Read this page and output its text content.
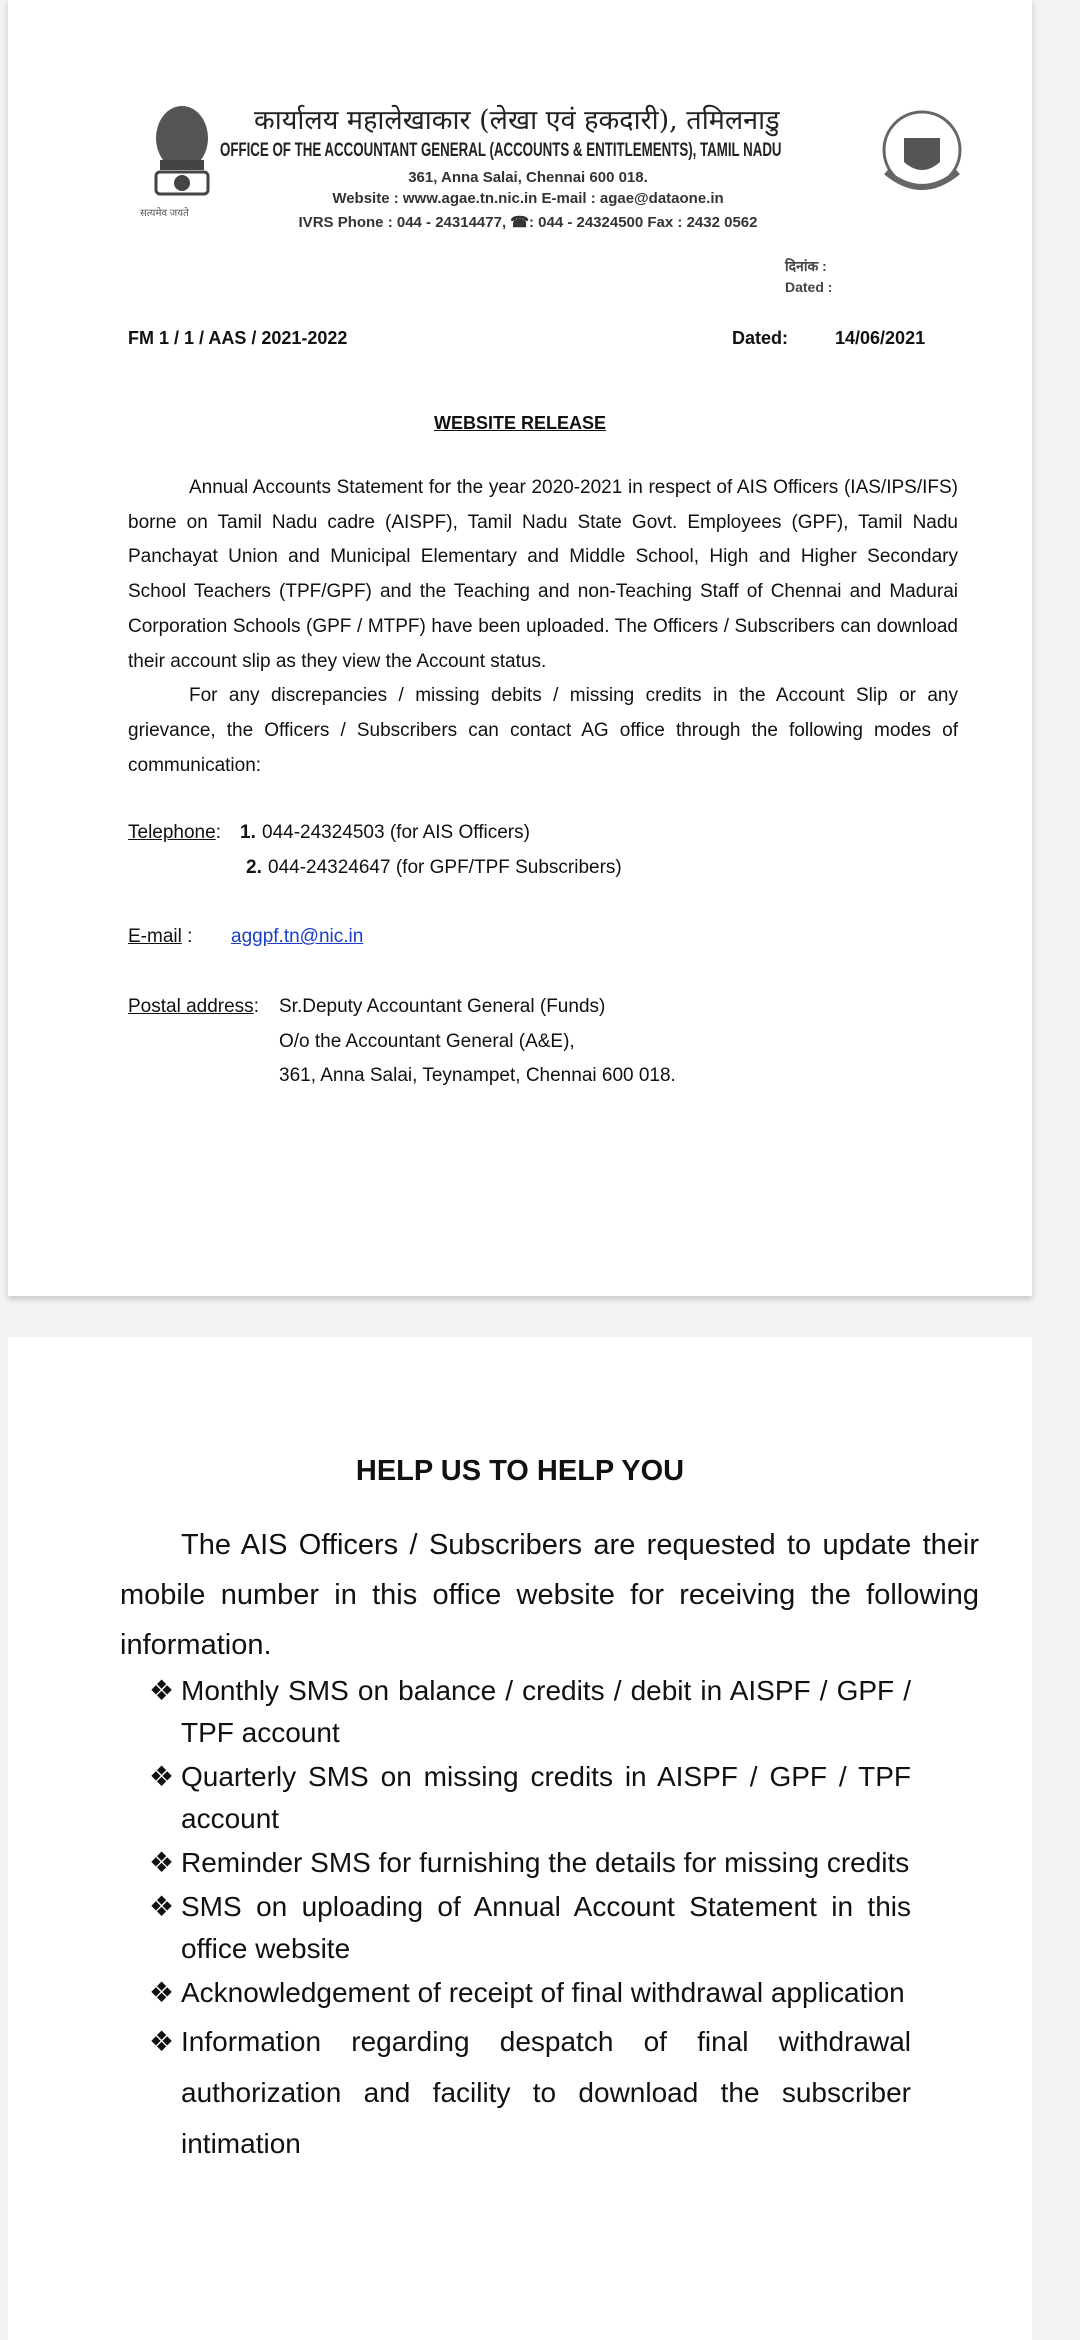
सत्यमेव जयते
कार्यालय महालेखाकार (लेखा एवं हकदारी), तमिलनाडु
OFFICE OF THE ACCOUNTANT GENERAL (ACCOUNTS & ENTITLEMENTS), TAMIL NADU
361, Anna Salai, Chennai 600 018.
Website : www.agae.tn.nic.in E-mail : agae@dataone.in
IVRS Phone : 044 - 24314477, ☎: 044 - 24324500 Fax : 2432 0562
दिनांक :
Dated :
FM 1 / 1 / AAS / 2021-2022	Dated:	14/06/2021
WEBSITE RELEASE

Annual Accounts Statement for the year 2020-2021 in respect of AIS Officers (IAS/IPS/IFS) borne on Tamil Nadu cadre (AISPF), Tamil Nadu State Govt. Employees (GPF), Tamil Nadu Panchayat Union and Municipal Elementary and Middle School, High and Higher Secondary School Teachers (TPF/GPF) and the Teaching and non-Teaching Staff of Chennai and Madurai Corporation Schools (GPF / MTPF) have been uploaded. The Officers / Subscribers can download their account slip as they view the Account status.

For any discrepancies / missing debits / missing credits in the Account Slip or any grievance, the Officers / Subscribers can contact AG office through the following modes of communication:

Telephone: 1. 044-24324503 (for AIS Officers)
2. 044-24324647 (for GPF/TPF Subscribers)
E-mail : aggpf.tn@nic.in
Postal address: Sr.Deputy Accountant General (Funds)
O/o the Accountant General (A&E),
361, Anna Salai, Teynampet, Chennai 600 018.
HELP US TO HELP YOU
The AIS Officers / Subscribers are requested to update their mobile number in this office website for receiving the following information.
❖ Monthly SMS on balance / credits / debit in AISPF / GPF / TPF account
❖ Quarterly SMS on missing credits in AISPF / GPF / TPF account
❖ Reminder SMS for furnishing the details for missing credits
❖ SMS on uploading of Annual Account Statement in this office website
❖ Acknowledgement of receipt of final withdrawal application
❖ Information regarding despatch of final withdrawal authorization and facility to download the subscriber intimation
